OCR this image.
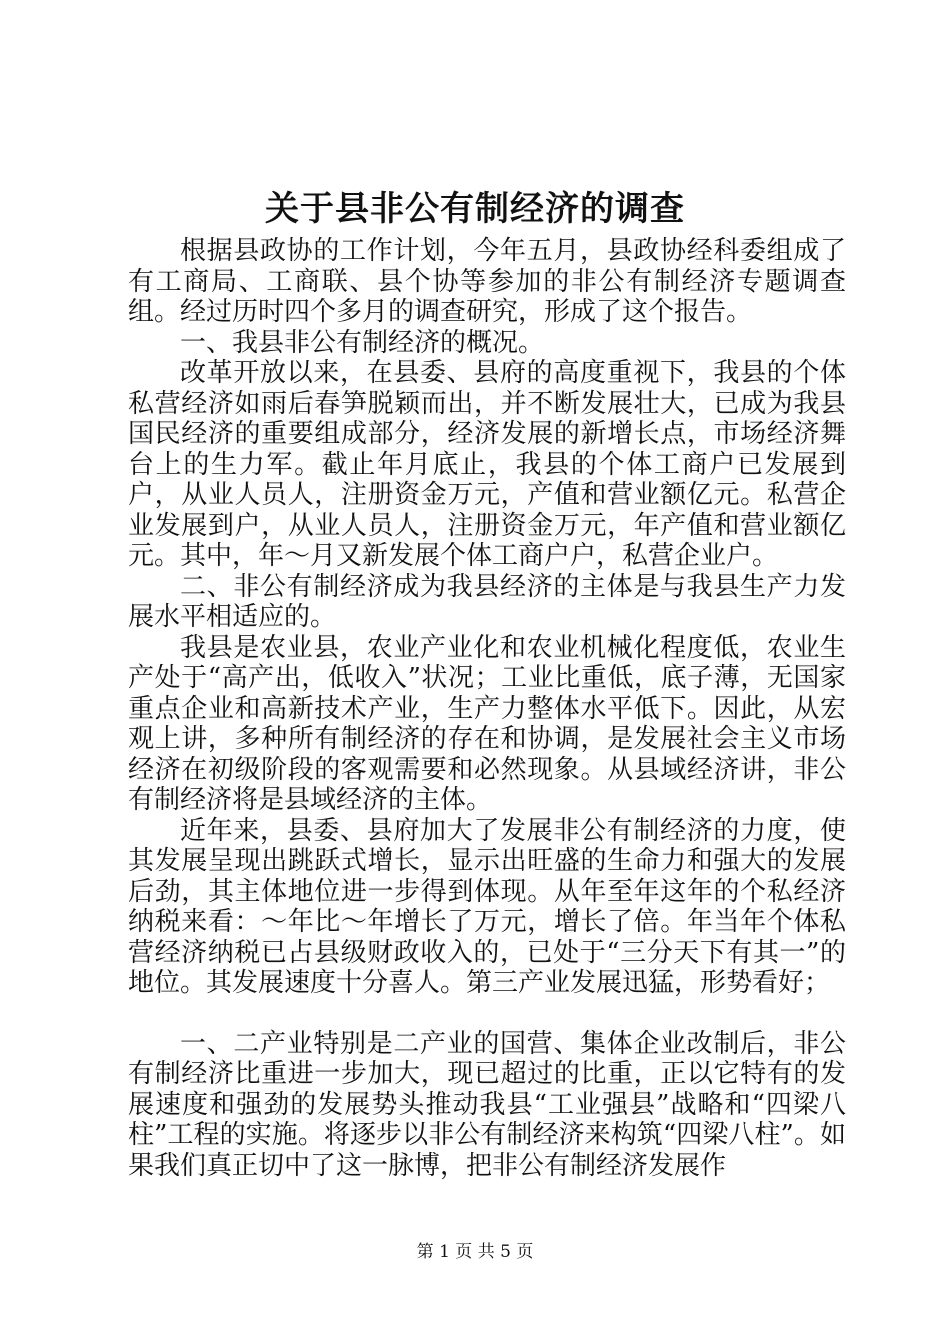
关于县非公有制经济的调查

根据县政协的工作计划，今年五月，县政协经科委组成了有工商局、工商联、县个协等参加的非公有制经济专题调查组。经过历时四个多月的调查研究，形成了这个报告。

一、我县非公有制经济的概况。

改革开放以来，在县委、县府的高度重视下，我县的个体私营经济如雨后春笋脱颖而出，并不断发展壮大，已成为我县国民经济的重要组成部分，经济发展的新增长点，市场经济舞台上的生力军。截止年月底止，我县的个体工商户已发展到户，从业人员人，注册资金万元，产值和营业额亿元。私营企业发展到户，从业人员人，注册资金万元，年产值和营业额亿元。其中，年～月又新发展个体工商户户，私营企业户。

二、非公有制经济成为我县经济的主体是与我县生产力发展水平相适应的。

我县是农业县，农业产业化和农业机械化程度低，农业生产处于“高产出，低收入”状况；工业比重低，底子薄，无国家重点企业和高新技术产业，生产力整体水平低下。因此，从宏观上讲，多种所有制经济的存在和协调，是发展社会主义市场经济在初级阶段的客观需要和必然现象。从县域经济讲，非公有制经济将是县域经济的主体。

近年来，县委、县府加大了发展非公有制经济的力度，使其发展呈现出跳跃式增长，显示出旺盛的生命力和强大的发展后劲，其主体地位进一步得到体现。从年至年这年的个私经济纳税来看：～年比～年增长了万元，增长了倍。年当年个体私营经济纳税已占县级财政收入的，已处于“三分天下有其一”的地位。其发展速度十分喜人。第三产业发展迅猛，形势看好；

一、二产业特别是二产业的国营、集体企业改制后，非公有制经济比重进一步加大，现已超过的比重，正以它特有的发展速度和强劲的发展势头推动我县“工业强县”战略和“四梁八柱”工程的实施。将逐步以非公有制经济来构筑“四梁八柱”。如果我们真正切中了这一脉博，把非公有制经济发展作

第 1 页 共 5 页
